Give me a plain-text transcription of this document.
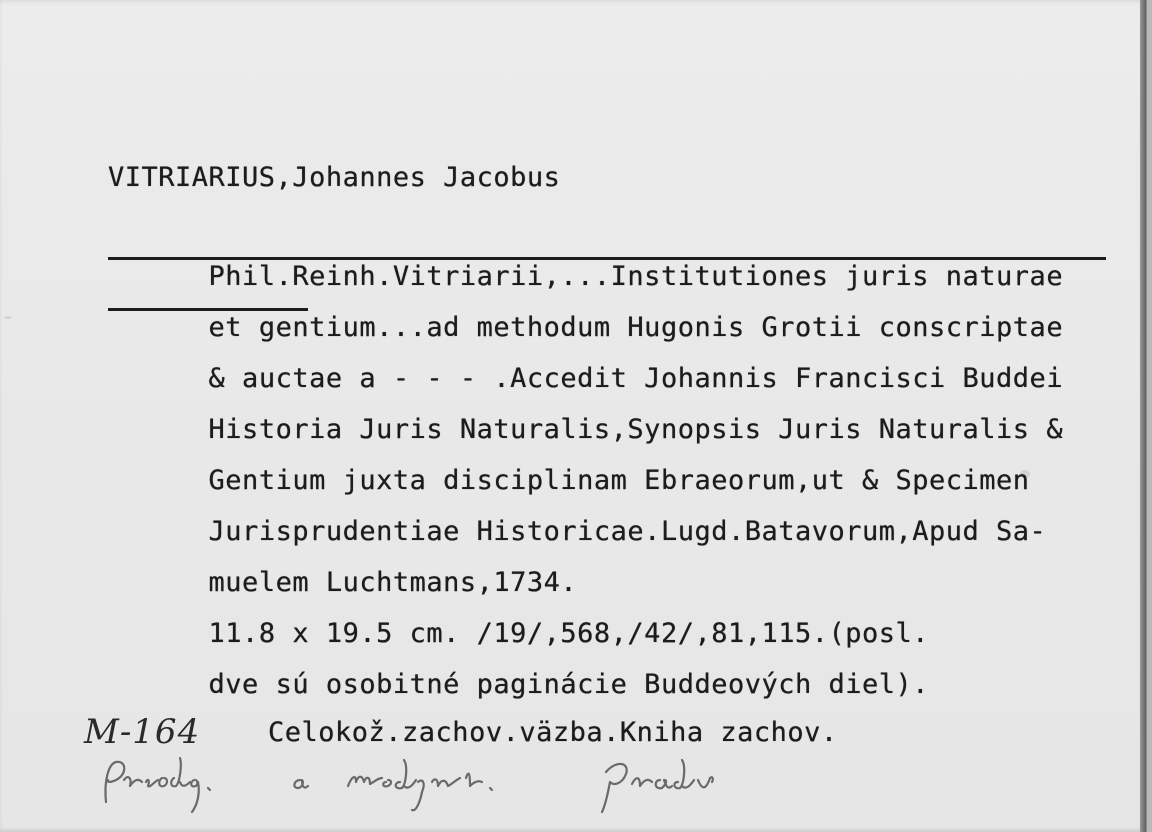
VITRIARIUS,Johannes Jacobus

Phil.Reinh.Vitriarii,...Institutiones juris naturae

et gentium...ad methodum Hugonis Grotii conscriptae

& auctae a - - - .Accedit Johannis Francisci Buddei

Historia Juris Naturalis,Synopsis Juris Naturalis &

Gentium juxta disciplinam Ebraeorum,ut & Specimen

Jurisprudentiae Historicae.Lugd.Batavorum,Apud Sa-

muelem Luchtmans,1734.

11.8 x 19.5 cm. /19/,568,/42/,81,115.(posl.

dve sú osobitné paginácie Buddeových diel).

M-164	Celokož.zachov.väzba.Kniha zachov.
